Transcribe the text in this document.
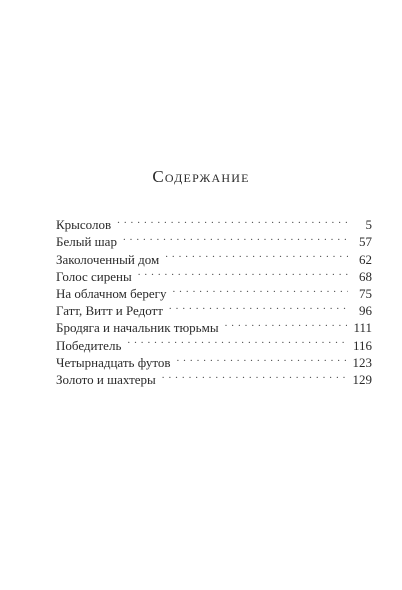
Содержание
Крысолов . . .	5
Белый шар . . .	57
Заколоченный дом . . .	62
Голос сирены . . .	68
На облачном берегу . . .	75
Гатт, Витт и Редотт . . .	96
Бродяга и начальник тюрьмы . . .	111
Победитель . . .	116
Четырнадцать футов . . .	123
Золото и шахтеры . . .	129
